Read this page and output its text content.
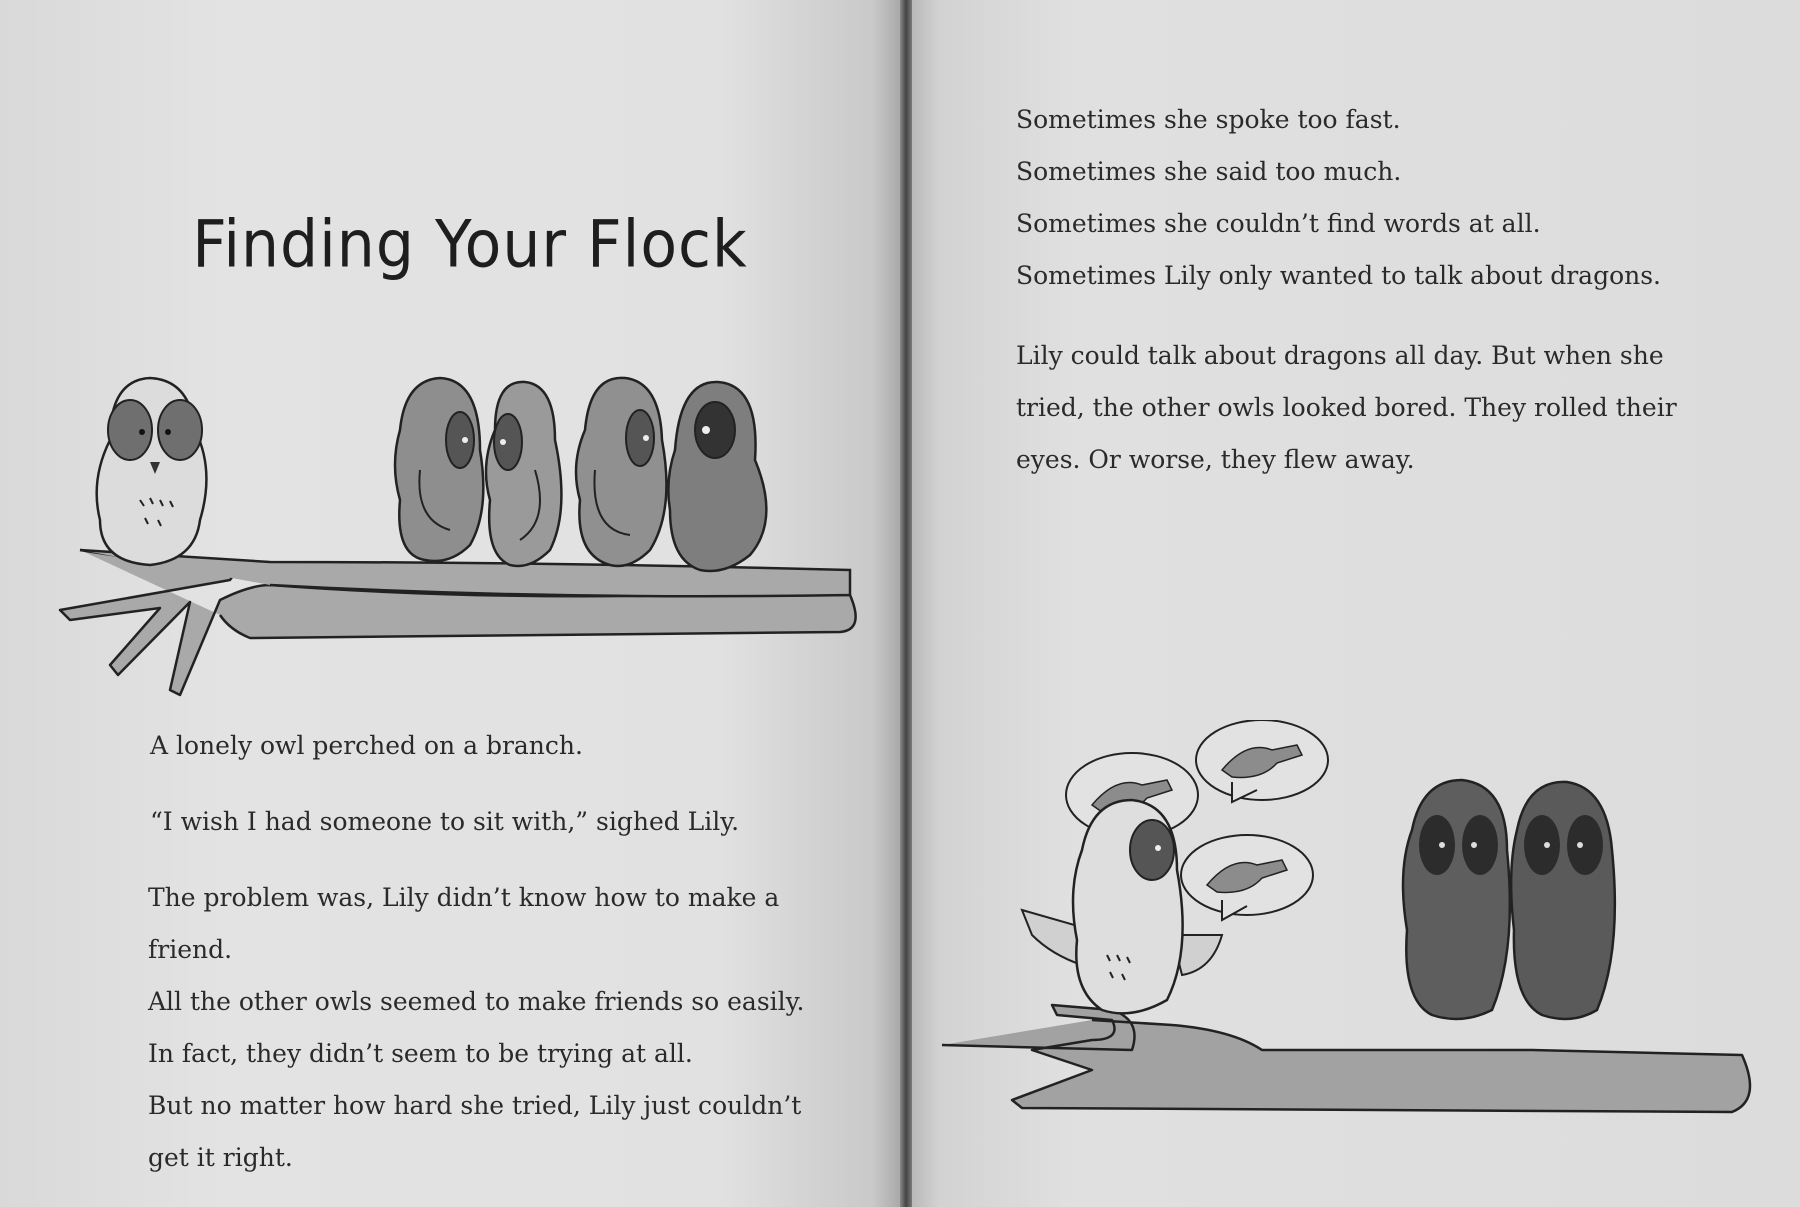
Finding Your Flock
A lonely owl perched on a branch.
“I wish I had someone to sit with,” sighed Lily.
The problem was, Lily didn’t know how to make a
friend.
All the other owls seemed to make friends so easily.
In fact, they didn’t seem to be trying at all.
But no matter how hard she tried, Lily just couldn’t
get it right.
Sometimes she spoke too fast.
Sometimes she said too much.
Sometimes she couldn’t find words at all.
Sometimes Lily only wanted to talk about dragons.
Lily could talk about dragons all day. But when she
tried, the other owls looked bored. They rolled their
eyes. Or worse, they flew away.
